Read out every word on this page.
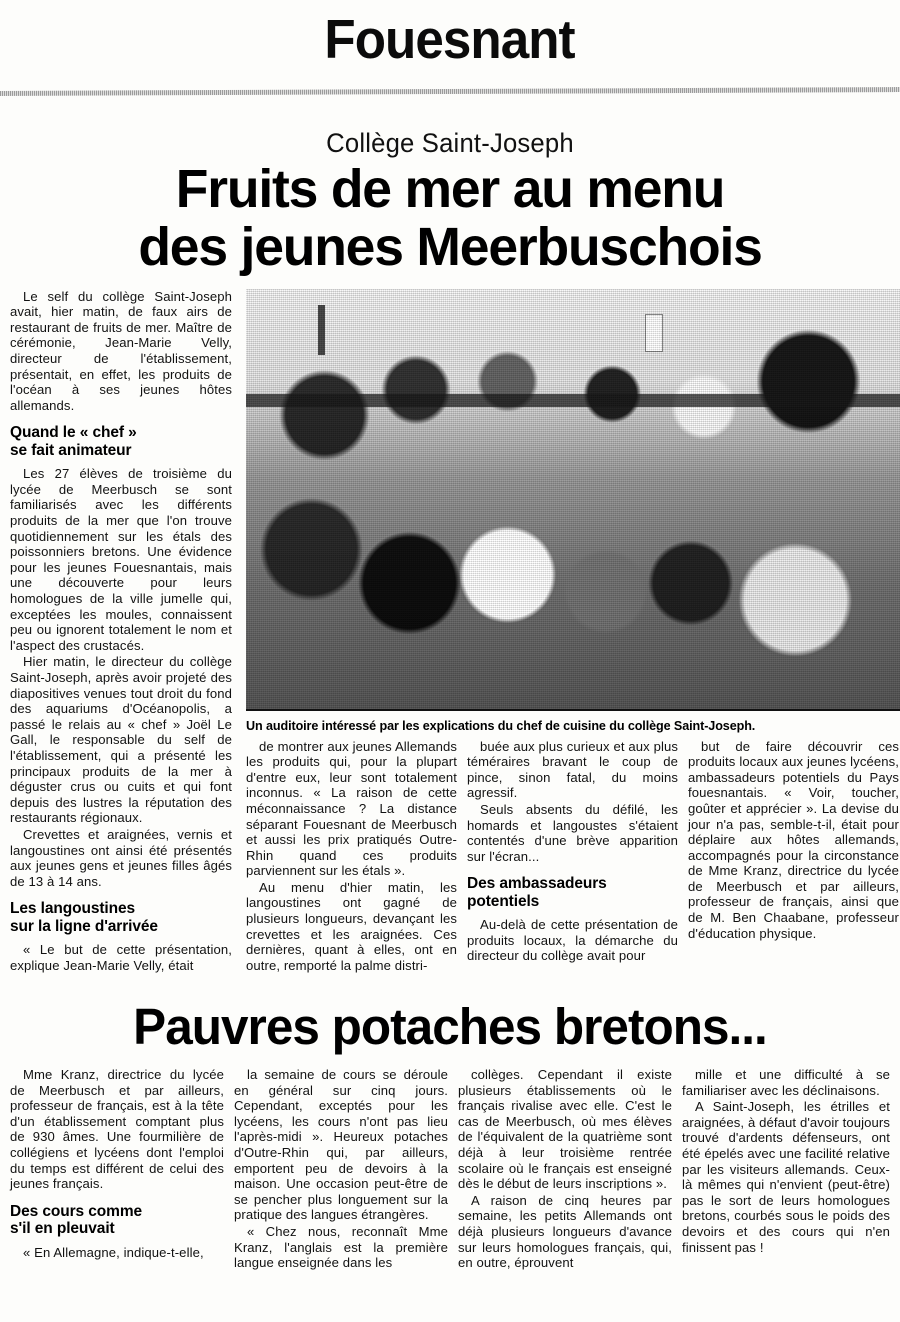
Fouesnant
Collège Saint-Joseph
Fruits de mer au menu
des jeunes Meerbuschois

Le self du collège Saint-Joseph avait, hier matin, de faux airs de restaurant de fruits de mer. Maître de cérémonie, Jean-Marie Velly, directeur de l'établissement, présentait, en effet, les produits de l'océan à ses jeunes hôtes allemands.

Quand le « chef »
se fait animateur

Les 27 élèves de troisième du lycée de Meerbusch se sont familiarisés avec les différents produits de la mer que l'on trouve quotidiennement sur les étals des poissonniers bretons. Une évidence pour les jeunes Fouesnantais, mais une découverte pour leurs homologues de la ville jumelle qui, exceptées les moules, connaissent peu ou ignorent totalement le nom et l'aspect des crustacés.

Hier matin, le directeur du collège Saint-Joseph, après avoir projeté des diapositives venues tout droit du fond des aquariums d'Océanopolis, a passé le relais au « chef » Joël Le Gall, le responsable du self de l'établissement, qui a présenté les principaux produits de la mer à déguster crus ou cuits et qui font depuis des lustres la réputation des restaurants régionaux.

Crevettes et araignées, vernis et langoustines ont ainsi été présentés aux jeunes gens et jeunes filles âgés de 13 à 14 ans.

Les langoustines
sur la ligne d'arrivée

« Le but de cette présentation, explique Jean-Marie Velly, était

Un auditoire intéressé par les explications du chef de cuisine du collège Saint-Joseph.

de montrer aux jeunes Allemands les produits qui, pour la plupart d'entre eux, leur sont totalement inconnus. « La raison de cette méconnaissance ? La distance séparant Fouesnant de Meerbusch et aussi les prix pratiqués Outre-Rhin quand ces produits parviennent sur les étals ».

Au menu d'hier matin, les langoustines ont gagné de plusieurs longueurs, devançant les crevettes et les araignées. Ces dernières, quant à elles, ont en outre, remporté la palme distri-

buée aux plus curieux et aux plus téméraires bravant le coup de pince, sinon fatal, du moins agressif.

Seuls absents du défilé, les homards et langoustes s'étaient contentés d'une brève apparition sur l'écran...

Des ambassadeurs
potentiels

Au-delà de cette présentation de produits locaux, la démarche du directeur du collège avait pour

but de faire découvrir ces produits locaux aux jeunes lycéens, ambassadeurs potentiels du Pays fouesnantais. « Voir, toucher, goûter et apprécier ». La devise du jour n'a pas, semble-t-il, était pour déplaire aux hôtes allemands, accompagnés pour la circonstance de Mme Kranz, directrice du lycée de Meerbusch et par ailleurs, professeur de français, ainsi que de M. Ben Chaabane, professeur d'éducation physique.

Pauvres potaches bretons...

Mme Kranz, directrice du lycée de Meerbusch et par ailleurs, professeur de français, est à la tête d'un établissement comptant plus de 930 âmes. Une fourmilière de collégiens et lycéens dont l'emploi du temps est différent de celui des jeunes français.

Des cours comme
s'il en pleuvait

« En Allemagne, indique-t-elle,

la semaine de cours se déroule en général sur cinq jours. Cependant, exceptés pour les lycéens, les cours n'ont pas lieu l'après-midi ». Heureux potaches d'Outre-Rhin qui, par ailleurs, emportent peu de devoirs à la maison. Une occasion peut-être de se pencher plus longuement sur la pratique des langues étrangères.

« Chez nous, reconnaît Mme Kranz, l'anglais est la première langue enseignée dans les

collèges. Cependant il existe plusieurs établissements où le français rivalise avec elle. C'est le cas de Meerbusch, où mes élèves de l'équivalent de la quatrième sont déjà à leur troisième rentrée scolaire où le français est enseigné dès le début de leurs inscriptions ».

A raison de cinq heures par semaine, les petits Allemands ont déjà plusieurs longueurs d'avance sur leurs homologues français, qui, en outre, éprouvent

mille et une difficulté à se familiariser avec les déclinaisons.

A Saint-Joseph, les étrilles et araignées, à défaut d'avoir toujours trouvé d'ardents défenseurs, ont été épelés avec une facilité relative par les visiteurs allemands. Ceux-là mêmes qui n'envient (peut-être) pas le sort de leurs homologues bretons, courbés sous le poids des devoirs et des cours qui n'en finissent pas !
